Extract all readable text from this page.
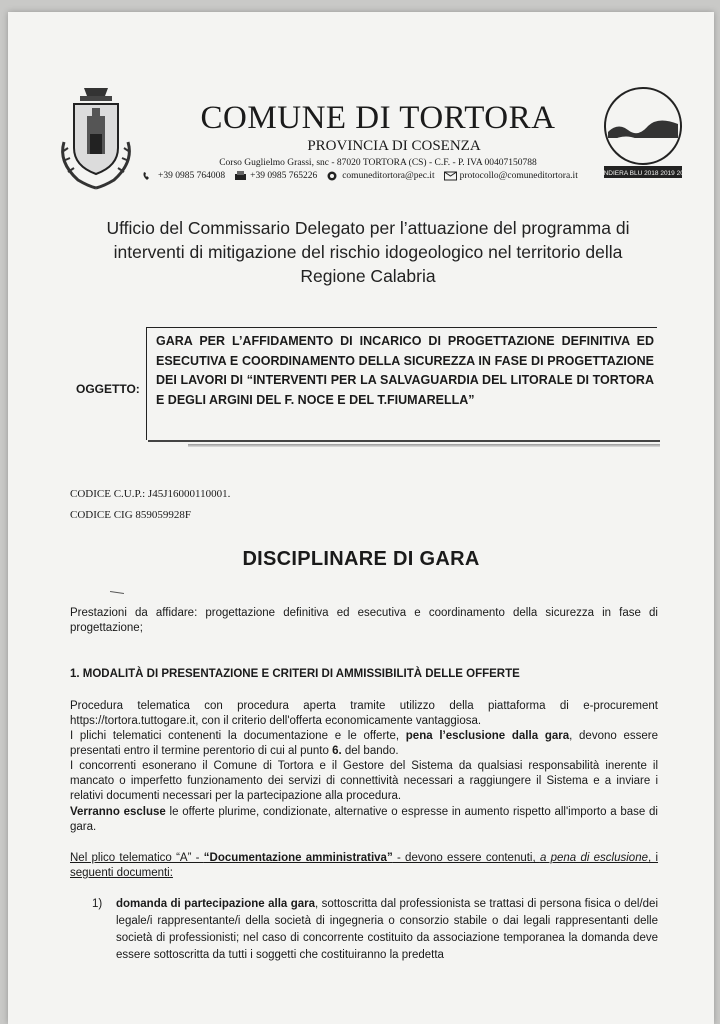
COMUNE DI TORTORA
PROVINCIA DI COSENZA
Corso Guglielmo Grassi, snc - 87020 TORTORA (CS) - C.F. - P. IVA 00407150788
+39 0985 764008	+39 0985 765226	comuneditortora@pec.it	protocollo@comuneditortora.it	BANDIERA BLU 2018 2019 2020
Ufficio del Commissario Delegato per l’attuazione del programma di
interventi di mitigazione del rischio idogeologico nel territorio della
Regione Calabria
OGGETTO:
GARA PER L’AFFIDAMENTO DI INCARICO DI PROGETTAZIONE DEFINITIVA ED ESECUTIVA E COORDINAMENTO DELLA SICUREZZA IN FASE DI PROGETTAZIONE DEI LAVORI DI “INTERVENTI PER LA SALVAGUARDIA DEL LITORALE DI TORTORA E DEGLI ARGINI DEL F. NOCE E DEL T.FIUMARELLA”
CODICE C.U.P.: J45J16000110001.
CODICE CIG 859059928F
DISCIPLINARE DI GARA
Prestazioni da affidare: progettazione definitiva ed esecutiva e coordinamento della sicurezza in fase di progettazione;
1. MODALITÀ DI PRESENTAZIONE E CRITERI DI AMMISSIBILITÀ DELLE OFFERTE
Procedura telematica con procedura aperta tramite utilizzo della piattaforma di e-procurement https://tortora.tuttogare.it, con il criterio dell'offerta economicamente vantaggiosa.
I plichi telematici contenenti la documentazione e le offerte, pena l’esclusione dalla gara, devono essere presentati entro il termine perentorio di cui al punto 6. del bando.
I concorrenti esonerano il Comune di Tortora e il Gestore del Sistema da qualsiasi responsabilità inerente il mancato o imperfetto funzionamento dei servizi di connettività necessari a raggiungere il Sistema e a inviare i relativi documenti necessari per la partecipazione alla procedura.
Verranno escluse le offerte plurime, condizionate, alternative o espresse in aumento rispetto all'importo a base di gara.
Nel plico telematico “A” - “Documentazione amministrativa” - devono essere contenuti, a pena di esclusione, i seguenti documenti:
1) domanda di partecipazione alla gara, sottoscritta dal professionista se trattasi di persona fisica o del/dei legale/i rappresentante/i della società di ingegneria o consorzio stabile o dai legali rappresentanti delle società di professionisti; nel caso di concorrente costituito da associazione temporanea la domanda deve essere sottoscritta da tutti i soggetti che costituiranno la predetta
